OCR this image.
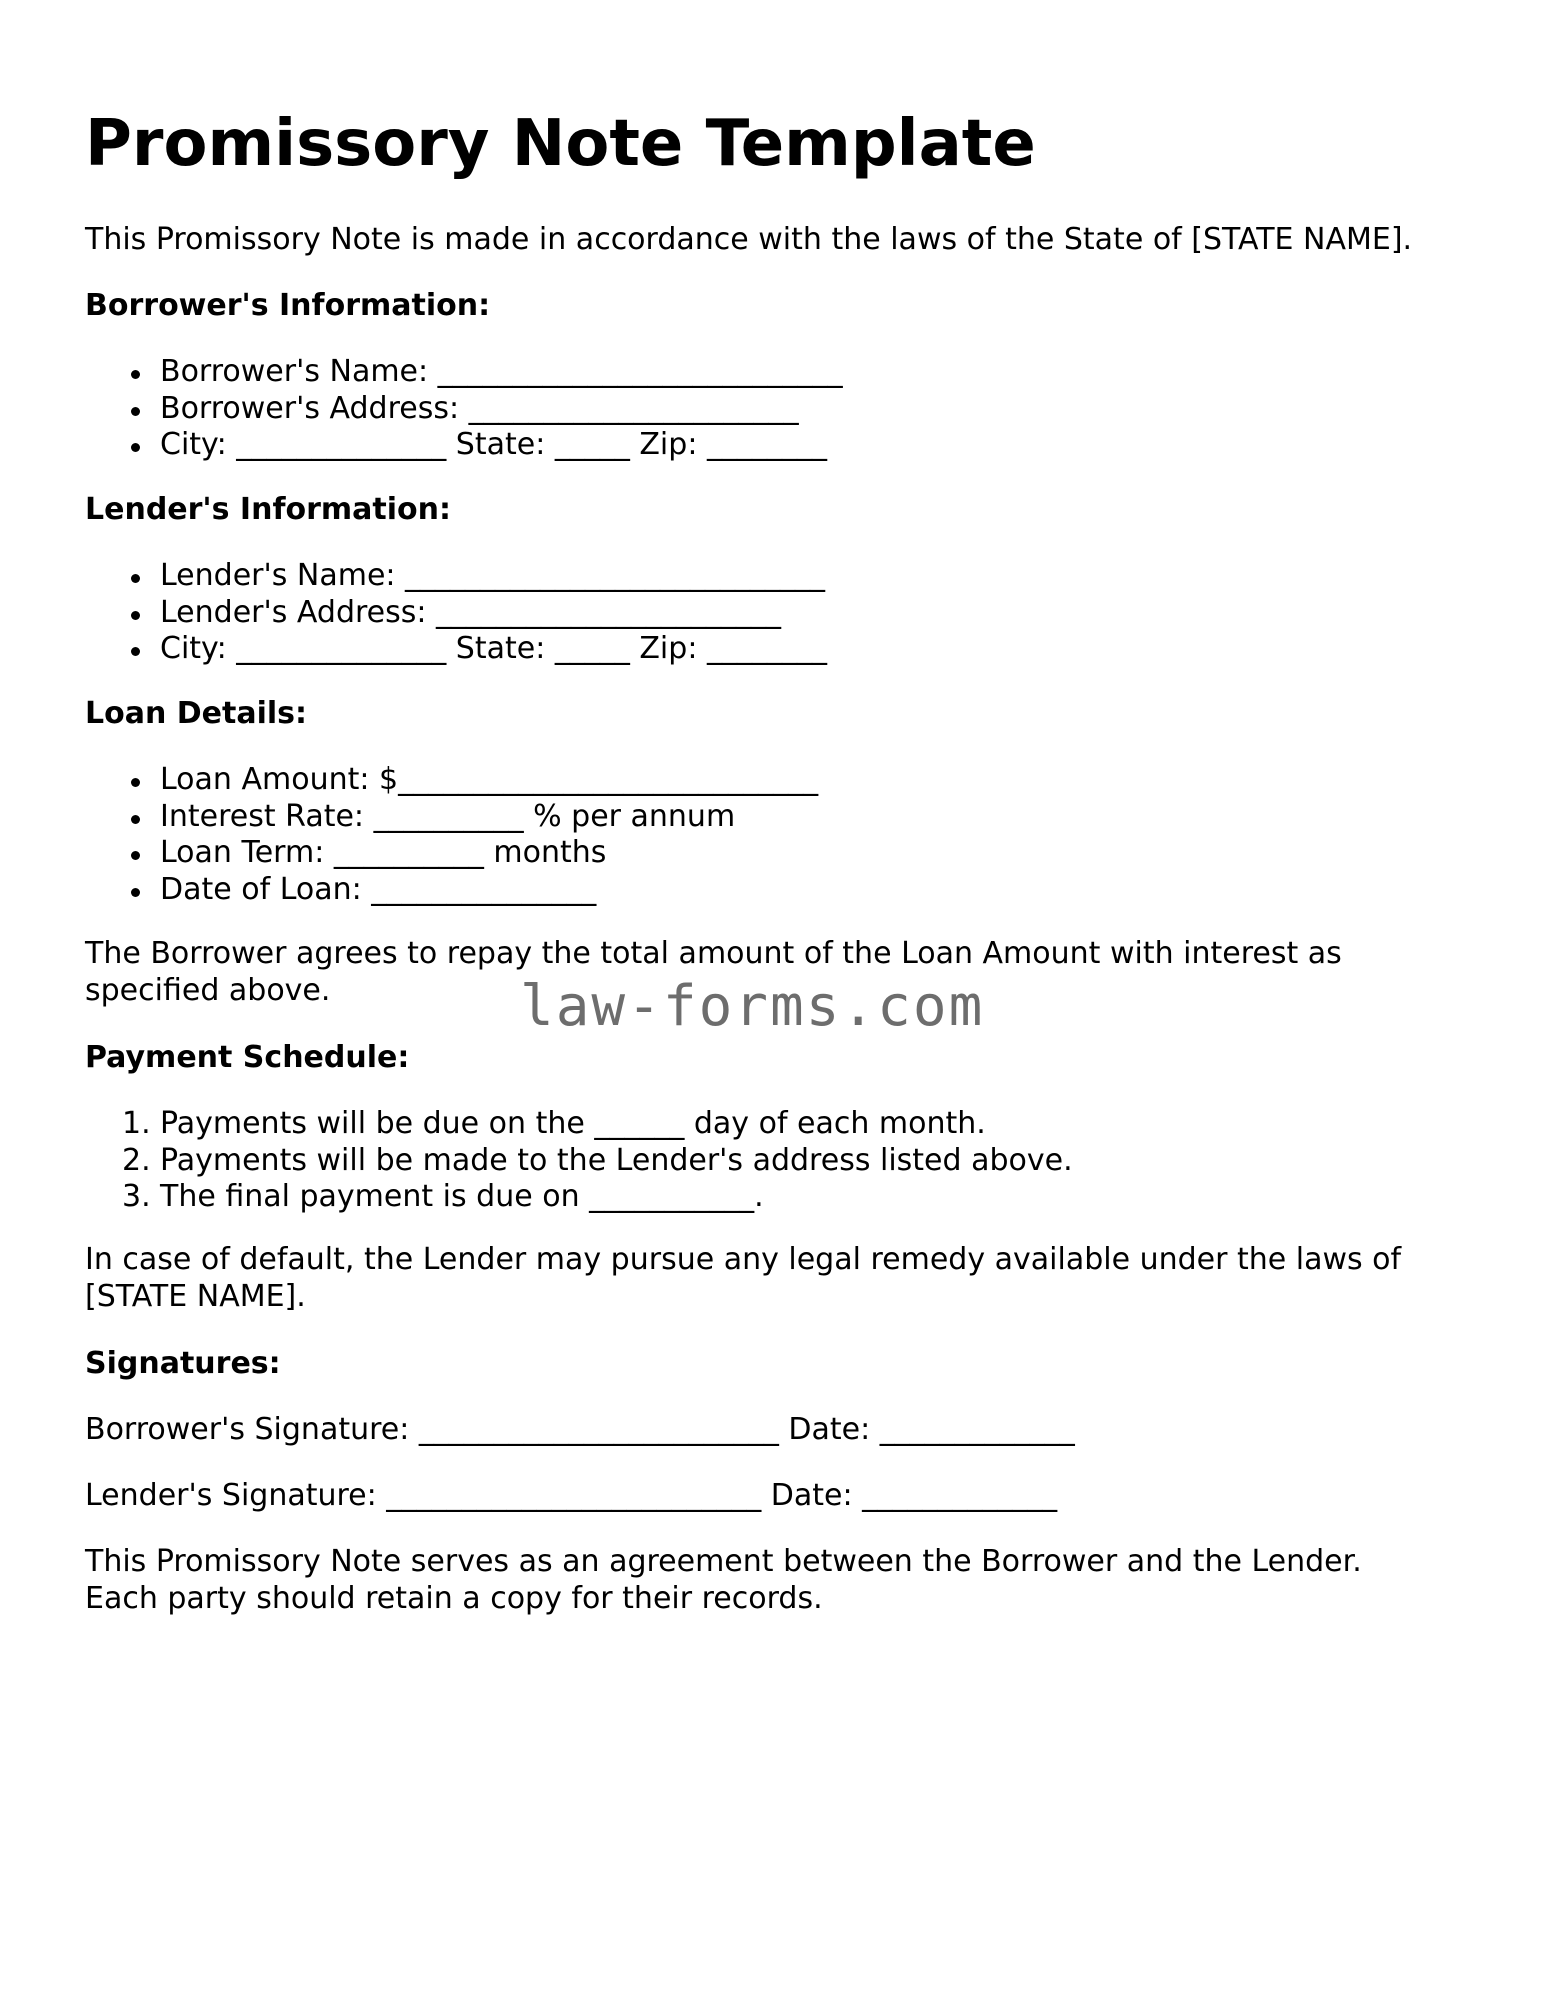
Promissory Note Template
This Promissory Note is made in accordance with the laws of the State of [STATE NAME].
Borrower's Information:
Borrower's Name: ___________________________
Borrower's Address: ______________________
City: ______________ State: _____ Zip: ________
Lender's Information:
Lender's Name: ____________________________
Lender's Address: _______________________
City: ______________ State: _____ Zip: ________
Loan Details:
Loan Amount: $____________________________
Interest Rate: __________ % per annum
Loan Term: __________ months
Date of Loan: _______________
The Borrower agrees to repay the total amount of the Loan Amount with interest as
specified above.
Payment Schedule:
1. Payments will be due on the ______ day of each month.
2. Payments will be made to the Lender's address listed above.
3. The final payment is due on ___________.
In case of default, the Lender may pursue any legal remedy available under the laws of
[STATE NAME].
Signatures:
Borrower's Signature: ________________________ Date: _____________
Lender's Signature: _________________________ Date: _____________
This Promissory Note serves as an agreement between the Borrower and the Lender.
Each party should retain a copy for their records.
law-forms.com
